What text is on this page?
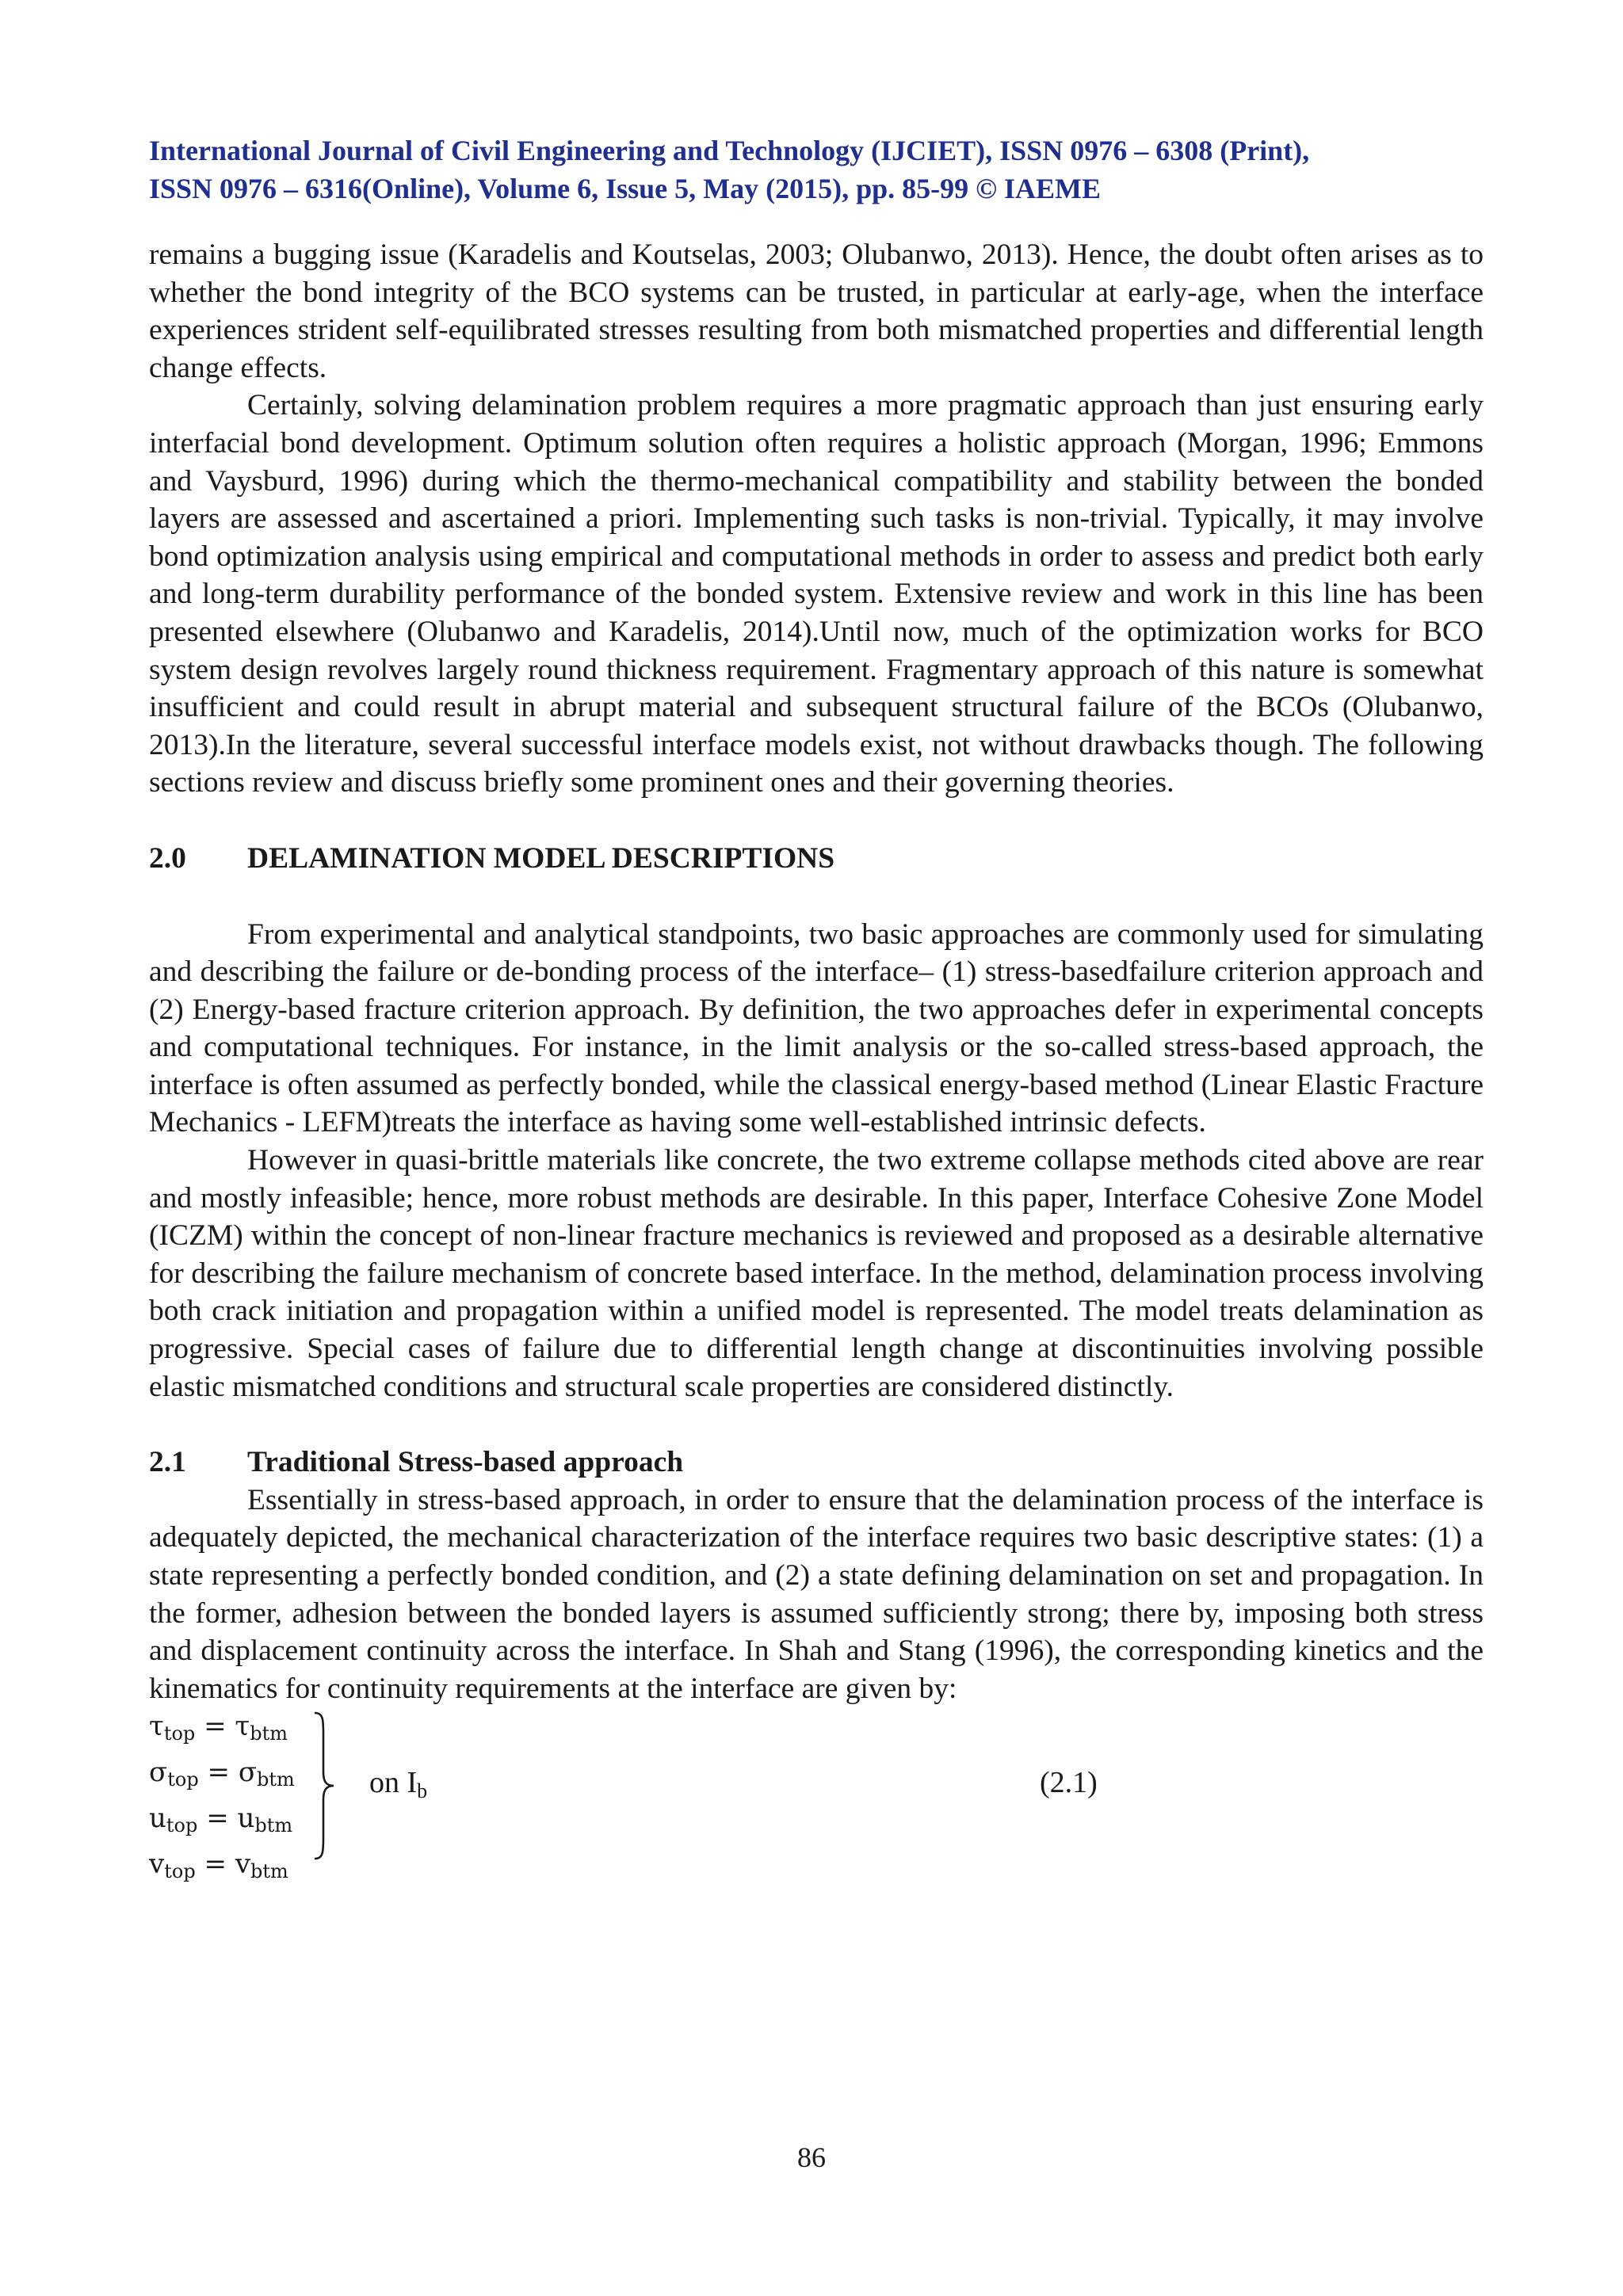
International Journal of Civil Engineering and Technology (IJCIET), ISSN 0976 – 6308 (Print),
ISSN 0976 – 6316(Online), Volume 6, Issue 5, May (2015), pp. 85-99 © IAEME

remains a bugging issue (Karadelis and Koutselas, 2003; Olubanwo, 2013). Hence, the doubt often arises as to whether the bond integrity of the BCO systems can be trusted, in particular at early-age, when the interface experiences strident self-equilibrated stresses resulting from both mismatched properties and differential length change effects.

Certainly, solving delamination problem requires a more pragmatic approach than just ensuring early interfacial bond development. Optimum solution often requires a holistic approach (Morgan, 1996; Emmons and Vaysburd, 1996) during which the thermo-mechanical compatibility and stability between the bonded layers are assessed and ascertained a priori. Implementing such tasks is non-trivial. Typically, it may involve bond optimization analysis using empirical and computational methods in order to assess and predict both early and long-term durability performance of the bonded system. Extensive review and work in this line has been presented elsewhere (Olubanwo and Karadelis, 2014).Until now, much of the optimization works for BCO system design revolves largely round thickness requirement. Fragmentary approach of this nature is somewhat insufficient and could result in abrupt material and subsequent structural failure of the BCOs (Olubanwo, 2013).In the literature, several successful interface models exist, not without drawbacks though. The following sections review and discuss briefly some prominent ones and their governing theories.

2.0	DELAMINATION MODEL DESCRIPTIONS

From experimental and analytical standpoints, two basic approaches are commonly used for simulating and describing the failure or de-bonding process of the interface– (1) stress-basedfailure criterion approach and (2) Energy-based fracture criterion approach. By definition, the two approaches defer in experimental concepts and computational techniques. For instance, in the limit analysis or the so-called stress-based approach, the interface is often assumed as perfectly bonded, while the classical energy-based method (Linear Elastic Fracture Mechanics - LEFM)treats the interface as having some well-established intrinsic defects.

However in quasi-brittle materials like concrete, the two extreme collapse methods cited above are rear and mostly infeasible; hence, more robust methods are desirable. In this paper, Interface Cohesive Zone Model (ICZM) within the concept of non-linear fracture mechanics is reviewed and proposed as a desirable alternative for describing the failure mechanism of concrete based interface. In the method, delamination process involving both crack initiation and propagation within a unified model is represented. The model treats delamination as progressive. Special cases of failure due to differential length change at discontinuities involving possible elastic mismatched conditions and structural scale properties are considered distinctly.

2.1	Traditional Stress-based approach

Essentially in stress-based approach, in order to ensure that the delamination process of the interface is adequately depicted, the mechanical characterization of the interface requires two basic descriptive states: (1) a state representing a perfectly bonded condition, and (2) a state defining delamination on set and propagation. In the former, adhesion between the bonded layers is assumed sufficiently strong; there by, imposing both stress and displacement continuity across the interface. In Shah and Stang (1996), the corresponding kinetics and the kinematics for continuity requirements at the interface are given by:

$\tau_{top} = \tau_{btm}$
$\sigma_{top} = \sigma_{btm}$
$u_{top} = u_{btm}$
$v_{top} = v_{btm}$
on $I_b$	(2.1)
86
